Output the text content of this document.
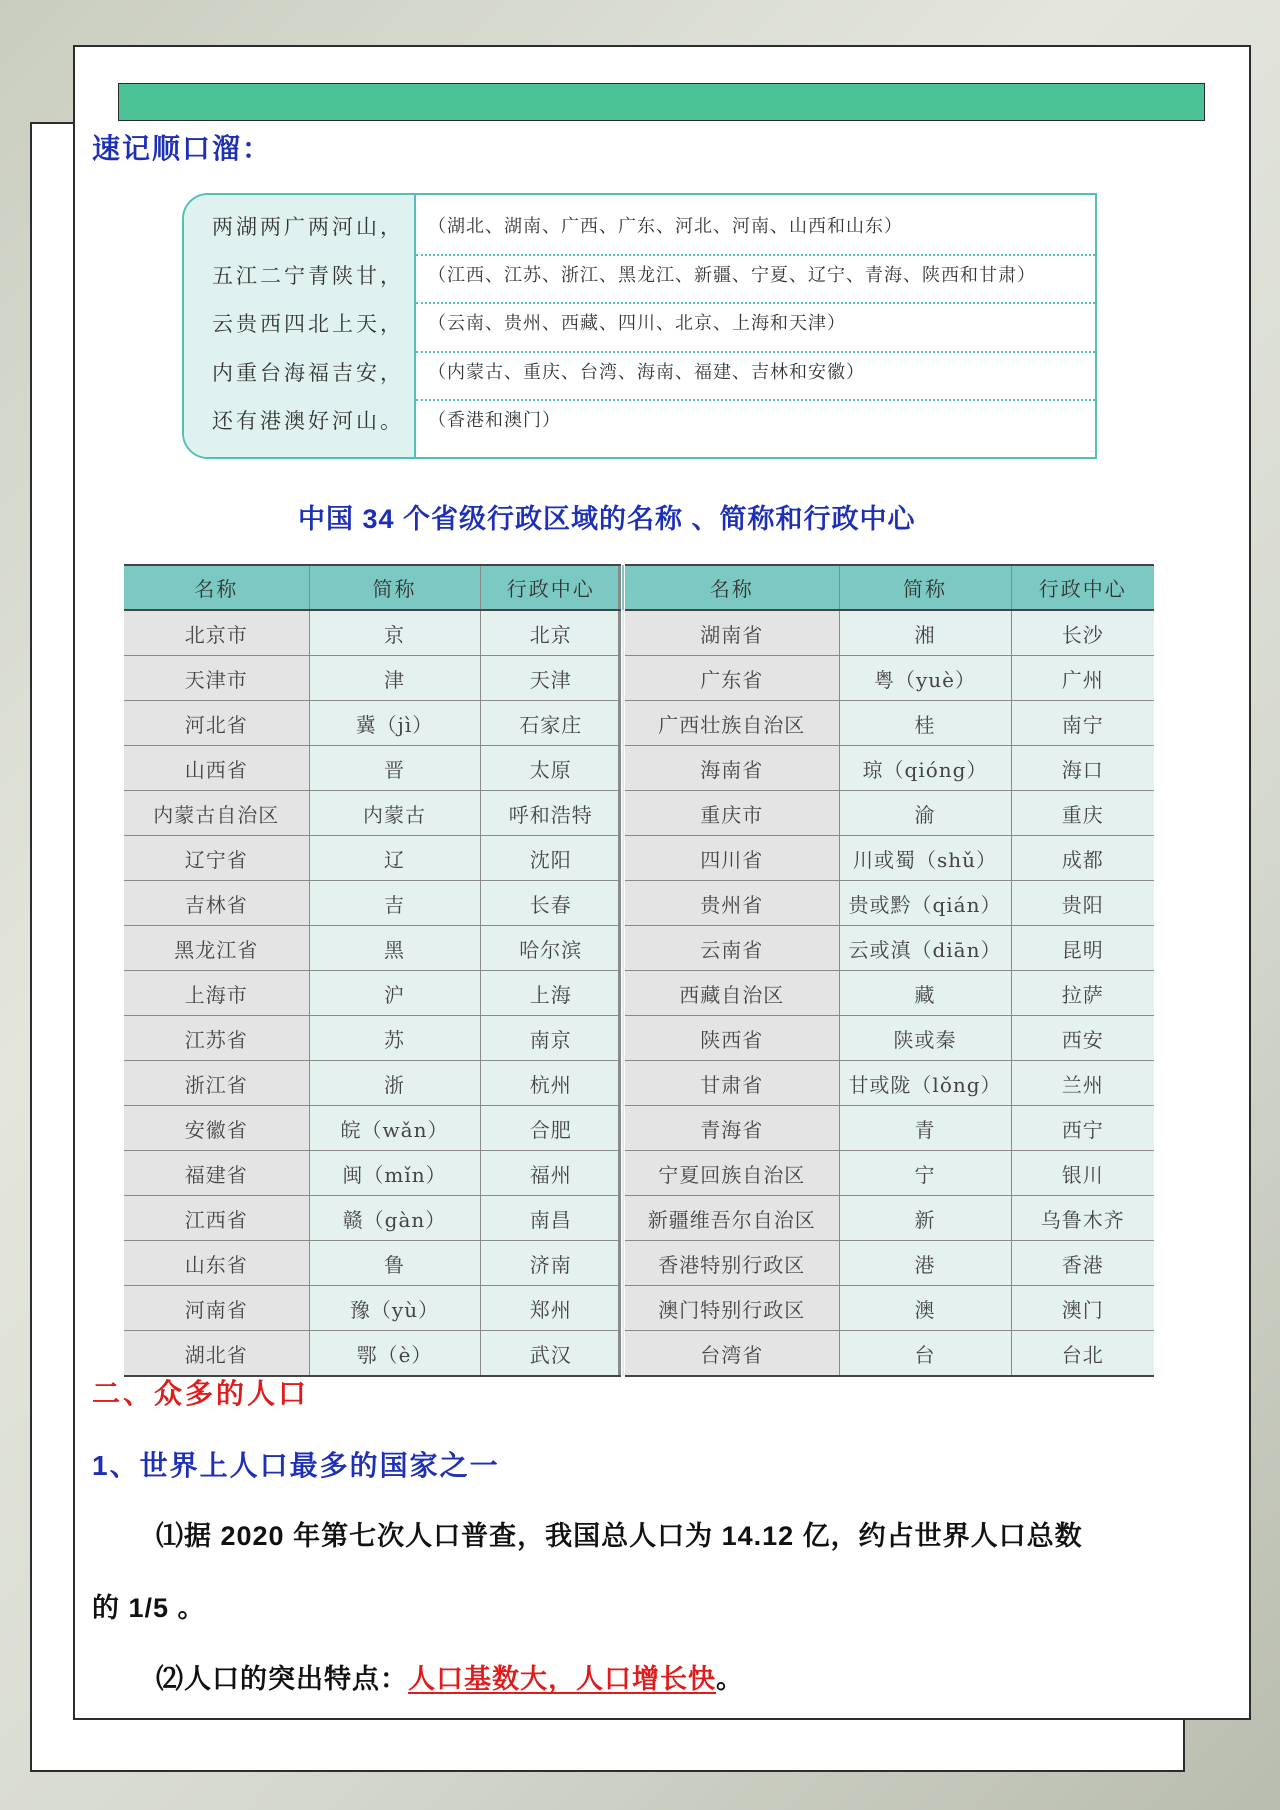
速记顺口溜：
两湖两广两河山， （湖北、湖南、广西、广东、河北、河南、山西和山东）
五江二宁青陕甘， （江西、江苏、浙江、黑龙江、新疆、宁夏、辽宁、青海、陕西和甘肃）
云贵西四北上天， （云南、贵州、西藏、四川、北京、上海和天津）
内重台海福吉安， （内蒙古、重庆、台湾、海南、福建、吉林和安徽）
还有港澳好河山。 （香港和澳门）
中国 34 个省级行政区域的名称 、简称和行政中心
名称	简称	行政中心	名称	简称	行政中心
北京市	京	北京	湖南省	湘	长沙
天津市	津	天津	广东省	粤（yuè）	广州
河北省	冀（jì）	石家庄	广西壮族自治区	桂	南宁
山西省	晋	太原	海南省	琼（qióng）	海口
内蒙古自治区	内蒙古	呼和浩特	重庆市	渝	重庆
辽宁省	辽	沈阳	四川省	川或蜀（shǔ）	成都
吉林省	吉	长春	贵州省	贵或黔（qián）	贵阳
黑龙江省	黑	哈尔滨	云南省	云或滇（diān）	昆明
上海市	沪	上海	西藏自治区	藏	拉萨
江苏省	苏	南京	陕西省	陕或秦	西安
浙江省	浙	杭州	甘肃省	甘或陇（lǒng）	兰州
安徽省	皖（wǎn）	合肥	青海省	青	西宁
福建省	闽（mǐn）	福州	宁夏回族自治区	宁	银川
江西省	赣（gàn）	南昌	新疆维吾尔自治区	新	乌鲁木齐
山东省	鲁	济南	香港特别行政区	港	香港
河南省	豫（yù）	郑州	澳门特别行政区	澳	澳门
湖北省	鄂（è）	武汉	台湾省	台	台北
二、众多的人口
1、世界上人口最多的国家之一
⑴据 2020 年第七次人口普查，我国总人口为 14.12 亿，约占世界人口总数
的 1/5 。
⑵人口的突出特点：人口基数大，人口增长快。
